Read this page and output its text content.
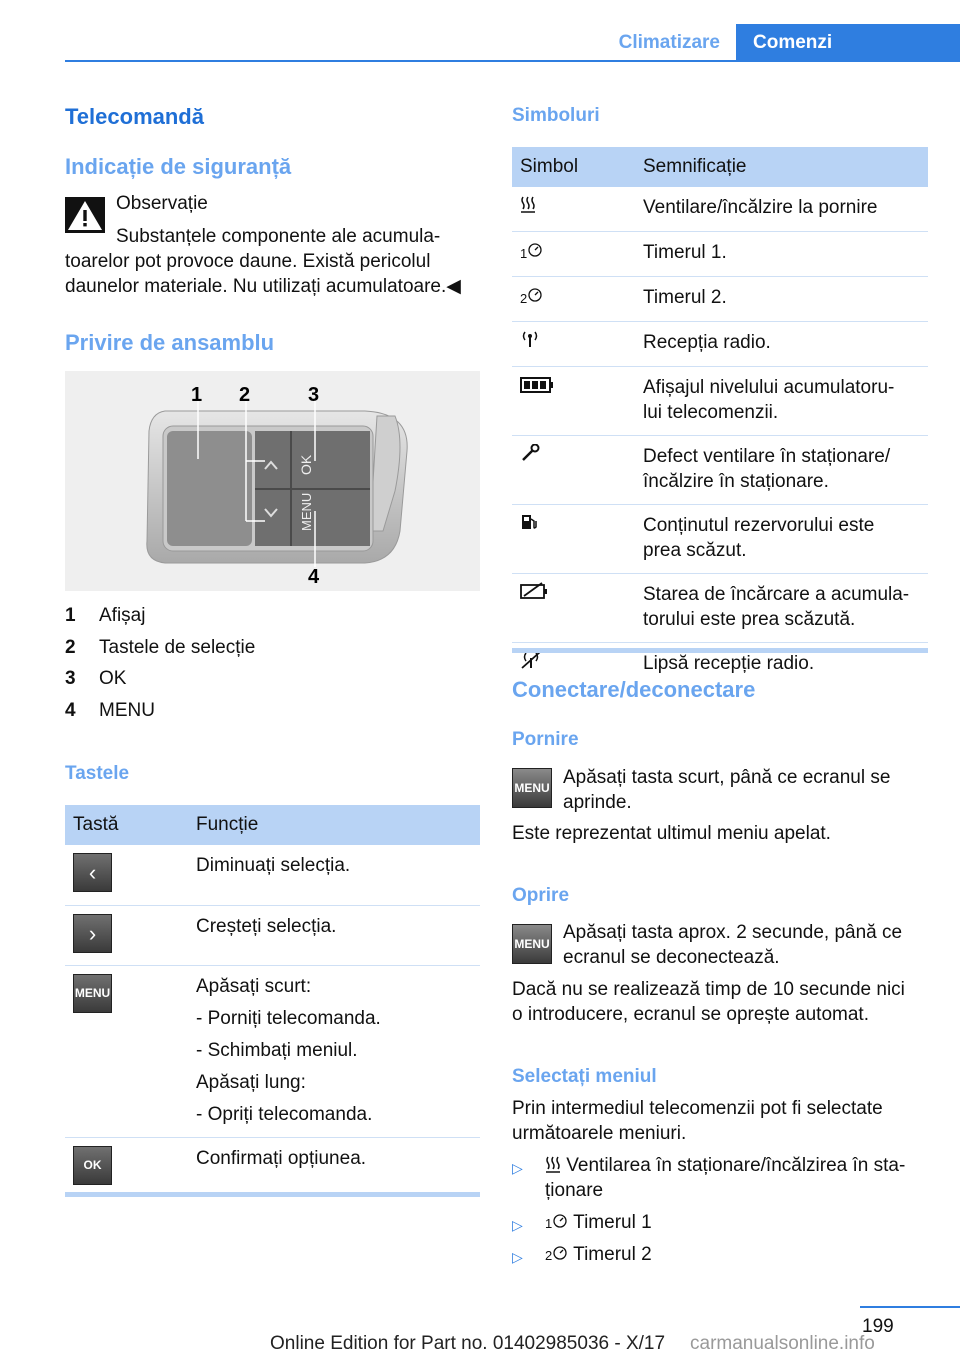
Climatizare	Comenzi
Telecomandă
Indicație de siguranță
Observație
Substanțele componente ale acumula-
toarelor pot provoce daune. Există pericolul
daunelor materiale. Nu utilizați acumulatoare.◀
Privire de ansamblu
OK
MENU
1 2	3
4
1 Afișaj
2 Tastele de selecție
3 OK
4 MENU
Tastele
Tastă	Funcție
‹	Diminuați selecția.
›	Creșteți selecția.
MENU	Apăsați scurt:
- Porniți telecomanda.
- Schimbați meniul.
Apăsați lung:
- Opriți telecomanda.

OK	Confirmați opțiunea.
Simboluri
Simbol	Semnificație
	Ventilare/încălzire la pornire
1	Timerul 1.
2	Timerul 2.
	Recepția radio.

Afișajul nivelului acumulatoru-
lui telecomenzii.

Defect ventilare în staționare/
încălzire în staționare.

Conținutul rezervorului este
prea scăzut.

Starea de încărcare a acumula-
torului este prea scăzută.

	Lipsă recepție radio.
Conectare/deconectare
Pornire
MENU Apăsați tasta scurt, până ce ecranul se
aprinde.
Este reprezentat ultimul meniu apelat.
Oprire
MENU
Apăsați tasta aprox. 2 secunde, până ce
ecranul se deconectează.
Dacă nu se realizează timp de 10 secunde nici
o introducere, ecranul se oprește automat.
Selectați meniul
Prin intermediul telecomenzii pot fi selectate
următoarele meniuri.
▷	Ventilarea în staționare/încălzirea în sta-
ționare
▷ 1 Timerul 1
▷ 2 Timerul 2
199
Online Edition for Part no. 01402985036 - X/17 carmanualsonline.info
